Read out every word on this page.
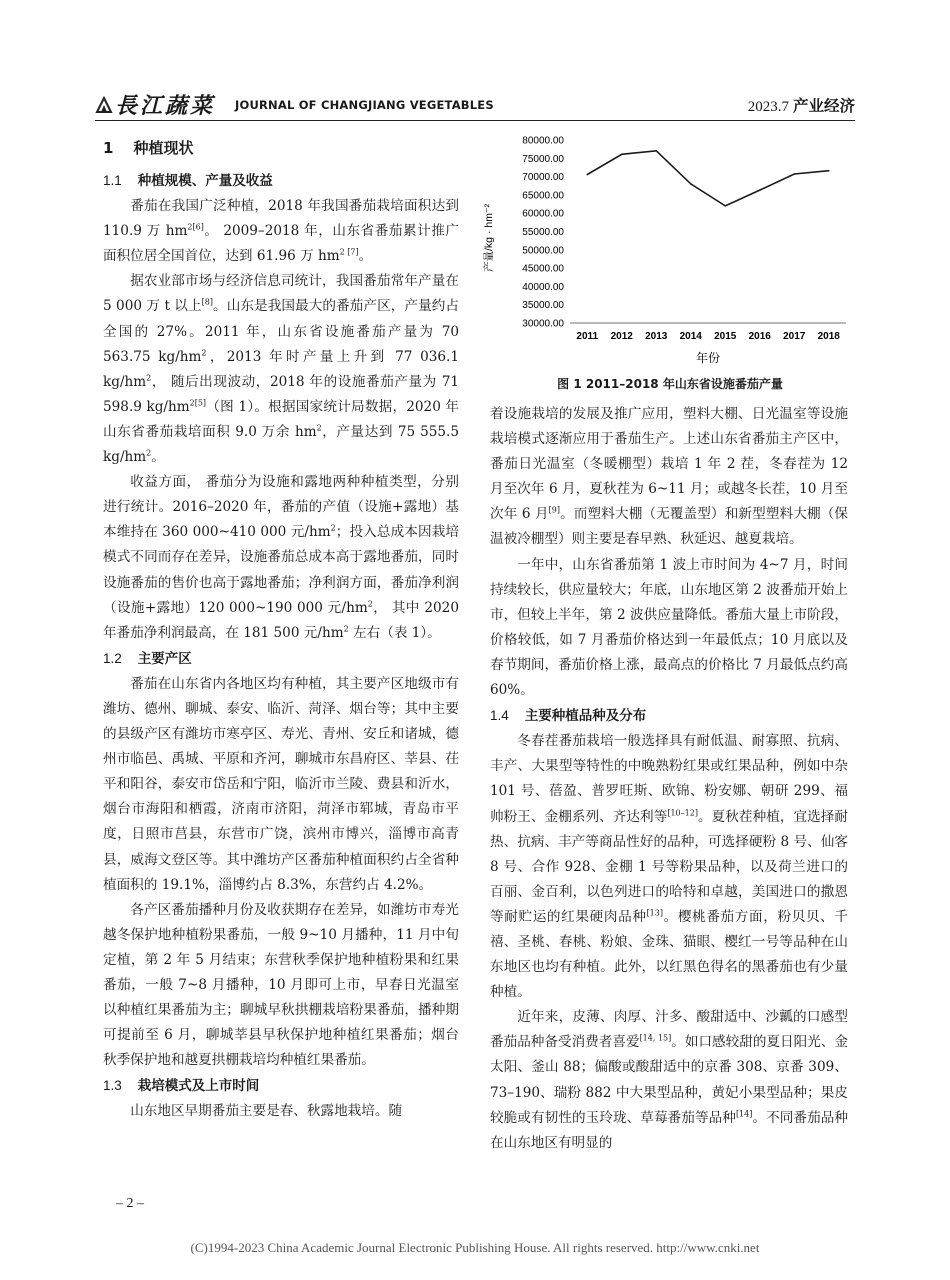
長江蔬菜 JOURNAL OF CHANGJIANG VEGETABLES	2023.7 产业经济

1 种植现状

1.1 种植规模、产量及收益

番茄在我国广泛种植，2018 年我国番茄栽培面积达到 110.9 万 $hm^{2[6]}$。 2009–2018 年，山东省番茄累计推广面积位居全国首位，达到 61.96 万 $hm^2$ [7]。

据农业部市场与经济信息司统计，我国番茄常年产量在 5 000 万 t 以上[8]。山东是我国最大的番茄产区，产量约占全国的 27%。2011 年，山东省设施番茄产量为 70 563.75 $kg/hm^2$，2013 年时产量上升到 77 036.1 $kg/hm^2$， 随后出现波动，2018 年的设施番茄产量为 71 598.9 $kg/hm^{2[5]}$（图 1）。根据国家统计局数据，2020 年山东省番茄栽培面积 9.0 万余 $hm^2$，产量达到 75 555.5 $kg/hm^2$。

收益方面， 番茄分为设施和露地两种种植类型，分别进行统计。2016–2020 年，番茄的产值（设施+露地）基本维持在 360 000~410 000 元$/hm^2$；投入总成本因栽培模式不同而存在差异，设施番茄总成本高于露地番茄，同时设施番茄的售价也高于露地番茄；净利润方面，番茄净利润（设施+露地）120 000~190 000 元$/hm^2$， 其中 2020 年番茄净利润最高，在 181 500 元$/hm^2$ 左右（表 1）。

1.2 主要产区

番茄在山东省内各地区均有种植，其主要产区地级市有潍坊、德州、聊城、泰安、临沂、菏泽、烟台等；其中主要的县级产区有潍坊市寒亭区、寿光、青州、安丘和诸城，德州市临邑、禹城、平原和齐河，聊城市东昌府区、莘县、茌平和阳谷，泰安市岱岳和宁阳，临沂市兰陵、费县和沂水，烟台市海阳和栖霞，济南市济阳，菏泽市郓城，青岛市平度，日照市莒县，东营市广饶，滨州市博兴，淄博市高青县，威海文登区等。其中潍坊产区番茄种植面积约占全省种植面积的 19.1%，淄博约占 8.3%，东营约占 4.2%。

各产区番茄播种月份及收获期存在差异，如潍坊市寿光越冬保护地种植粉果番茄，一般 9~10 月播种，11 月中旬定植，第 2 年 5 月结束；东营秋季保护地种植粉果和红果番茄，一般 7~8 月播种，10 月即可上市，早春日光温室以种植红果番茄为主；聊城早秋拱棚栽培粉果番茄，播种期可提前至 6 月，聊城莘县早秋保护地种植红果番茄；烟台秋季保护地和越夏拱棚栽培均种植红果番茄。

1.3 栽培模式及上市时间

山东地区早期番茄主要是春、秋露地栽培。随

30000.00
35000.00
40000.00
45000.00
50000.00
55000.00
60000.00
65000.00
70000.00
75000.00
80000.00
2011 2012 2013 2014 2015 2016 2017 2018
产量/kg · hm⁻²
年份
图 1 2011–2018 年山东省设施番茄产量

着设施栽培的发展及推广应用，塑料大棚、日光温室等设施栽培模式逐渐应用于番茄生产。上述山东省番茄主产区中，番茄日光温室（冬暖棚型）栽培 1 年 2 茬，冬春茬为 12 月至次年 6 月，夏秋茬为 6~11 月；或越冬长茬，10 月至次年 6 月[9]。而塑料大棚（无覆盖型）和新型塑料大棚（保温被冷棚型）则主要是春早熟、秋延迟、越夏栽培。

一年中，山东省番茄第 1 波上市时间为 4~7 月，时间持续较长，供应量较大；年底，山东地区第 2 波番茄开始上市，但较上半年，第 2 波供应量降低。番茄大量上市阶段，价格较低，如 7 月番茄价格达到一年最低点；10 月底以及春节期间，番茄价格上涨，最高点的价格比 7 月最低点约高 60%。

1.4 主要种植品种及分布

冬春茬番茄栽培一般选择具有耐低温、耐寡照、抗病、丰产、大果型等特性的中晚熟粉红果或红果品种，例如中杂 101 号、蓓盈、普罗旺斯、欧锦、粉安娜、朝研 299、福帅粉王、金棚系列、齐达利等[10–12]。夏秋茬种植，宜选择耐热、抗病、丰产等商品性好的品种，可选择硬粉 8 号、仙客 8 号、合作 928、金棚 1 号等粉果品种，以及荷兰进口的百丽、金百利，以色列进口的哈特和卓越，美国进口的撒恩等耐贮运的红果硬肉品种[13]。樱桃番茄方面，粉贝贝、千禧、圣桃、春桃、粉娘、金珠、猫眼、樱红一号等品种在山东地区也均有种植。此外，以红黑色得名的黑番茄也有少量种植。

近年来，皮薄、肉厚、汁多、酸甜适中、沙瓤的口感型番茄品种备受消费者喜爱[14, 15]。如口感较甜的夏日阳光、金太阳、釜山 88；偏酸或酸甜适中的京番 308、京番 309、73–190、瑞粉 882 中大果型品种，黄妃小果型品种；果皮较脆或有韧性的玉玲珑、草莓番茄等品种[14]。不同番茄品种在山东地区有明显的

– 2 –
(C)1994-2023 China Academic Journal Electronic Publishing House. All rights reserved. http://www.cnki.net
